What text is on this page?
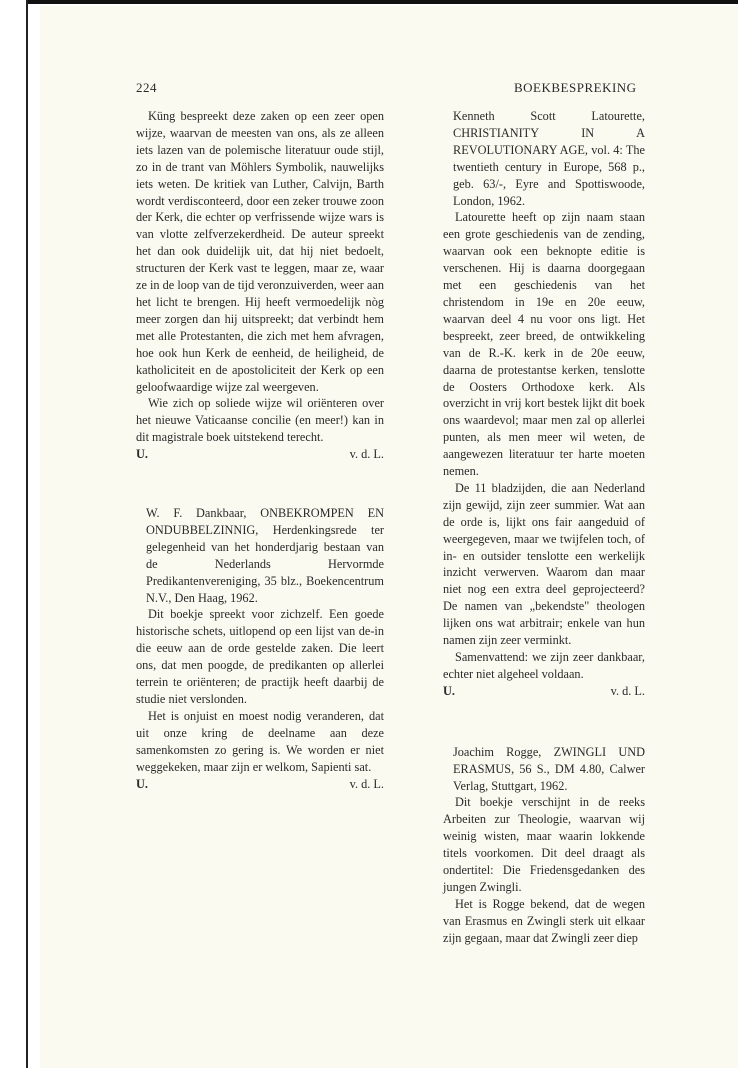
224	BOEKBESPREKING

Küng bespreekt deze zaken op een zeer open wijze, waarvan de meesten van ons, als ze alleen iets lazen van de polemische literatuur oude stijl, zo in de trant van Möhlers Symbolik, nauwelijks iets weten. De kritiek van Luther, Calvijn, Barth wordt verdisconteerd, door een zeker trouwe zoon der Kerk, die echter op verfrissende wijze wars is van vlotte zelfverzekerdheid. De auteur spreekt het dan ook duidelijk uit, dat hij niet bedoelt, structuren der Kerk vast te leggen, maar ze, waar ze in de loop van de tijd veronzuiverden, weer aan het licht te brengen. Hij heeft vermoedelijk nòg meer zorgen dan hij uitspreekt; dat verbindt hem met alle Protestanten, die zich met hem afvragen, hoe ook hun Kerk de eenheid, de heiligheid, de katholiciteit en de apostoliciteit der Kerk op een geloofwaardige wijze zal weergeven.

Wie zich op soliede wijze wil oriënteren over het nieuwe Vaticaanse concilie (en meer!) kan in dit magistrale boek uitstekend terecht.

U.	v. d. L.

W. F. Dankbaar, ONBEKROMPEN EN ONDUBBELZINNIG, Herdenkingsrede ter gelegenheid van het honderdjarig bestaan van de Nederlands Hervormde Predikantenvereniging, 35 blz., Boekencentrum N.V., Den Haag, 1962.

Dit boekje spreekt voor zichzelf. Een goede historische schets, uitlopend op een lijst van de-in die eeuw aan de orde gestelde zaken. Die leert ons, dat men poogde, de predikanten op allerlei terrein te oriënteren; de practijk heeft daarbij de studie niet verslonden.

Het is onjuist en moest nodig veranderen, dat uit onze kring de deelname aan deze samenkomsten zo gering is. We worden er niet weggekeken, maar zijn er welkom, Sapienti sat.

U.	v. d. L.

Kenneth Scott Latourette, CHRISTIANITY IN A REVOLUTIONARY AGE, vol. 4: The twentieth century in Europe, 568 p., geb. 63/-, Eyre and Spottiswoode, London, 1962.

Latourette heeft op zijn naam staan een grote geschiedenis van de zending, waarvan ook een beknopte editie is verschenen. Hij is daarna doorgegaan met een geschiedenis van het christendom in 19e en 20e eeuw, waarvan deel 4 nu voor ons ligt. Het bespreekt, zeer breed, de ontwikkeling van de R.-K. kerk in de 20e eeuw, daarna de protestantse kerken, tenslotte de Oosters Orthodoxe kerk. Als overzicht in vrij kort bestek lijkt dit boek ons waardevol; maar men zal op allerlei punten, als men meer wil weten, de aangewezen literatuur ter harte moeten nemen.

De 11 bladzijden, die aan Nederland zijn gewijd, zijn zeer summier. Wat aan de orde is, lijkt ons fair aangeduid of weergegeven, maar we twijfelen toch, of in- en outsider tenslotte een werkelijk inzicht verwerven. Waarom dan maar niet nog een extra deel geprojecteerd? De namen van „bekendste" theologen lijken ons wat arbitrair; enkele van hun namen zijn zeer verminkt.

Samenvattend: we zijn zeer dankbaar, echter niet algeheel voldaan.

U.	v. d. L.

Joachim Rogge, ZWINGLI UND ERASMUS, 56 S., DM 4.80, Calwer Verlag, Stuttgart, 1962.

Dit boekje verschijnt in de reeks Arbeiten zur Theologie, waarvan wij weinig wisten, maar waarin lokkende titels voorkomen. Dit deel draagt als ondertitel: Die Friedensgedanken des jungen Zwingli.

Het is Rogge bekend, dat de wegen van Erasmus en Zwingli sterk uit elkaar zijn gegaan, maar dat Zwingli zeer diep
